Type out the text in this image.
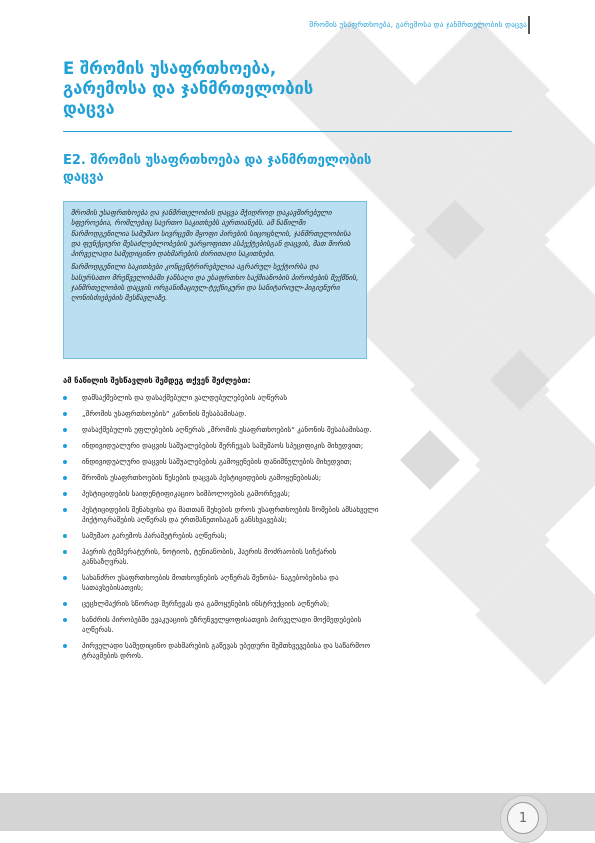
შრომის უსაფრთხოება, გარემოსა და ჯანმრთელობის დაცვა
E შრომის უსაფრთხოება, გარემოსა და ჯანმრთელობის დაცვა
E2. შრომის უსაფრთხოება და ჯანმრთელობის დაცვა

შრომის უსაფრთხოება და ჯანმრთელობის დაცვა მჭიდროდ დაკავშირებული სფეროებია, რომლებიც საერთო საკითხებს აერთიანებს. ამ ნაწილში წარმოდგენილია სამუშაო სივრცეში მყოფი პირების სიცოცხლის, ჯანმრთელობისა და ფუნქციური შესაძლებლობების უარყოფითი ასპექტებისგან დაცვის, მათ შორის პირველადი სამედიცინო დახმარების ძირითადი საკითხები.

წარმოდგენილი საკითხები კონცენტრირებულია აგრარულ სექტორსა და სასურსათო მრეწველობაში ჯანსაღი და უსაფრთხო საქმიანობის პირობების შექმნის, ჯანმრთელობის დაცვის ორგანიზაციულ-ტექნიკური და სანიტარიულ-ჰიგიენური ღონისძიებების შესწავლაზე.

ამ ნაწილის შესწავლის შემდეგ თქვენ შეძლებთ:

დამსაქმებლის და დასაქმებული ვალდებულებების აღწერას
„შრომის უსაფრთხოების“ კანონის შესაბამისად.
დასაქმებულის უფლებების აღწერას „შრომის უსაფრთხოების“ კანონის შესაბამისად.
ინდივიდუალური დაცვის საშუალებების შერჩევას სამუშაოს სპეციფიკის მიხედვით;
ინდივიდუალური დაცვის საშუალებების გამოყენების დანიშნულების მიხედვით;
შრომის უსაფრთხოების წესების დაცვას პესტიციდების გამოყენებისას;
პესტიციდების საიდენტიფიკაციო სიმბოლოების გამორჩევას;
პესტიციდების შენახვისა და მათთან შეხების დროს უსაფრთხოების ზომების ამსახველი პიქტოგრამების აღწერას და ერთმანეთისაგან განსხვავებას;
სამუშაო გარემოს პარამეტრების აღწერას;
ჰაერის ტემპერატურის, ნოტიოს, ტენიანობის, ჰაერის მოძრაობის სიჩქარის განსაზღვრას.
სახანძრო უსაფრთხოების მოთხოვნების აღწერას შენობა- ნაგებობებისა და სათავსებისათვის;
ცეცხლმაქრის სწორად შერჩევას და გამოყენების ინსტრუქციის აღწერას;
ხანძრის პირობებში ევაკუაციის უზრუნველყოფისათვის პირველადი მოქმედებების აღწერას.
პირველადი სამედიცინო დახმარების გაწევას უბედური შემთხვევებისა და საწარმოო ტრავმების დროს.
1
